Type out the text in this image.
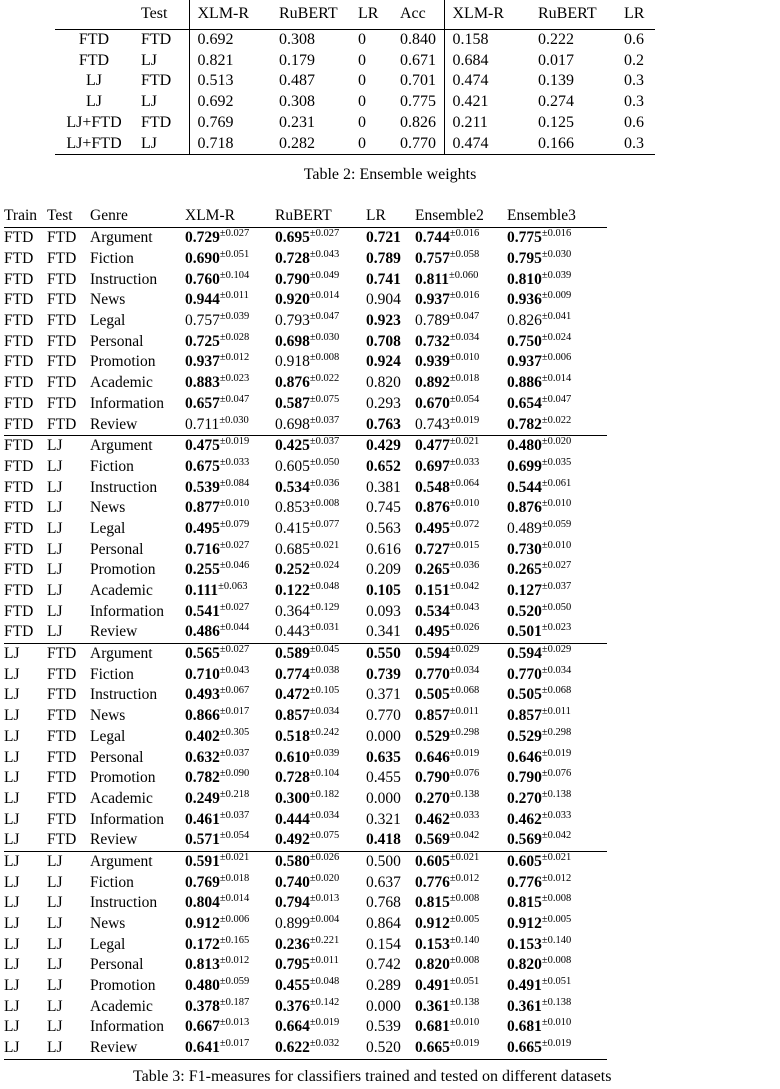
	Test	XLM-R	RuBERT	LR	Acc	XLM-R	RuBERT	LR
FTD	FTD	0.692	0.308	0	0.840	0.158	0.222	0.6
FTD	LJ	0.821	0.179	0	0.671	0.684	0.017	0.2
LJ	FTD	0.513	0.487	0	0.701	0.474	0.139	0.3
LJ	LJ	0.692	0.308	0	0.775	0.421	0.274	0.3
LJ+FTD	FTD	0.769	0.231	0	0.826	0.211	0.125	0.6
LJ+FTD	LJ	0.718	0.282	0	0.770	0.474	0.166	0.3
Table 2: Ensemble weights
Train	Test	Genre	XLM-R	RuBERT	LR	Ensemble2	Ensemble3
FTD	FTD	Argument	$0.729^{\pm 0.027}$	$0.695^{\pm 0.027}$	0.721	$0.744^{\pm 0.016}$	$0.775^{\pm 0.016}$
FTD	FTD	Fiction	$0.690^{\pm 0.051}$	$0.728^{\pm 0.043}$	0.789	$0.757^{\pm 0.058}$	$0.795^{\pm 0.030}$
FTD	FTD	Instruction	$0.760^{\pm 0.104}$	$0.790^{\pm 0.049}$	0.741	$0.811^{\pm 0.060}$	$0.810^{\pm 0.039}$
FTD	FTD	News	$0.944^{\pm 0.011}$	$0.920^{\pm 0.014}$	0.904	$0.937^{\pm 0.016}$	$0.936^{\pm 0.009}$
FTD	FTD	Legal	$0.757^{\pm 0.039}$	$0.793^{\pm 0.047}$	0.923	$0.789^{\pm 0.047}$	$0.826^{\pm 0.041}$
FTD	FTD	Personal	$0.725^{\pm 0.028}$	$0.698^{\pm 0.030}$	0.708	$0.732^{\pm 0.034}$	$0.750^{\pm 0.024}$
FTD	FTD	Promotion	$0.937^{\pm 0.012}$	$0.918^{\pm 0.008}$	0.924	$0.939^{\pm 0.010}$	$0.937^{\pm 0.006}$
FTD	FTD	Academic	$0.883^{\pm 0.023}$	$0.876^{\pm 0.022}$	0.820	$0.892^{\pm 0.018}$	$0.886^{\pm 0.014}$
FTD	FTD	Information	$0.657^{\pm 0.047}$	$0.587^{\pm 0.075}$	0.293	$0.670^{\pm 0.054}$	$0.654^{\pm 0.047}$
FTD	FTD	Review	$0.711^{\pm 0.030}$	$0.698^{\pm 0.037}$	0.763	$0.743^{\pm 0.019}$	$0.782^{\pm 0.022}$
FTD	LJ	Argument	$0.475^{\pm 0.019}$	$0.425^{\pm 0.037}$	0.429	$0.477^{\pm 0.021}$	$0.480^{\pm 0.020}$
FTD	LJ	Fiction	$0.675^{\pm 0.033}$	$0.605^{\pm 0.050}$	0.652	$0.697^{\pm 0.033}$	$0.699^{\pm 0.035}$
FTD	LJ	Instruction	$0.539^{\pm 0.084}$	$0.534^{\pm 0.036}$	0.381	$0.548^{\pm 0.064}$	$0.544^{\pm 0.061}$
FTD	LJ	News	$0.877^{\pm 0.010}$	$0.853^{\pm 0.008}$	0.745	$0.876^{\pm 0.010}$	$0.876^{\pm 0.010}$
FTD	LJ	Legal	$0.495^{\pm 0.079}$	$0.415^{\pm 0.077}$	0.563	$0.495^{\pm 0.072}$	$0.489^{\pm 0.059}$
FTD	LJ	Personal	$0.716^{\pm 0.027}$	$0.685^{\pm 0.021}$	0.616	$0.727^{\pm 0.015}$	$0.730^{\pm 0.010}$
FTD	LJ	Promotion	$0.255^{\pm 0.046}$	$0.252^{\pm 0.024}$	0.209	$0.265^{\pm 0.036}$	$0.265^{\pm 0.027}$
FTD	LJ	Academic	$0.111^{\pm 0.063}$	$0.122^{\pm 0.048}$	0.105	$0.151^{\pm 0.042}$	$0.127^{\pm 0.037}$
FTD	LJ	Information	$0.541^{\pm 0.027}$	$0.364^{\pm 0.129}$	0.093	$0.534^{\pm 0.043}$	$0.520^{\pm 0.050}$
FTD	LJ	Review	$0.486^{\pm 0.044}$	$0.443^{\pm 0.031}$	0.341	$0.495^{\pm 0.026}$	$0.501^{\pm 0.023}$
LJ	FTD	Argument	$0.565^{\pm 0.027}$	$0.589^{\pm 0.045}$	0.550	$0.594^{\pm 0.029}$	$0.594^{\pm 0.029}$
LJ	FTD	Fiction	$0.710^{\pm 0.043}$	$0.774^{\pm 0.038}$	0.739	$0.770^{\pm 0.034}$	$0.770^{\pm 0.034}$
LJ	FTD	Instruction	$0.493^{\pm 0.067}$	$0.472^{\pm 0.105}$	0.371	$0.505^{\pm 0.068}$	$0.505^{\pm 0.068}$
LJ	FTD	News	$0.866^{\pm 0.017}$	$0.857^{\pm 0.034}$	0.770	$0.857^{\pm 0.011}$	$0.857^{\pm 0.011}$
LJ	FTD	Legal	$0.402^{\pm 0.305}$	$0.518^{\pm 0.242}$	0.000	$0.529^{\pm 0.298}$	$0.529^{\pm 0.298}$
LJ	FTD	Personal	$0.632^{\pm 0.037}$	$0.610^{\pm 0.039}$	0.635	$0.646^{\pm 0.019}$	$0.646^{\pm 0.019}$
LJ	FTD	Promotion	$0.782^{\pm 0.090}$	$0.728^{\pm 0.104}$	0.455	$0.790^{\pm 0.076}$	$0.790^{\pm 0.076}$
LJ	FTD	Academic	$0.249^{\pm 0.218}$	$0.300^{\pm 0.182}$	0.000	$0.270^{\pm 0.138}$	$0.270^{\pm 0.138}$
LJ	FTD	Information	$0.461^{\pm 0.037}$	$0.444^{\pm 0.034}$	0.321	$0.462^{\pm 0.033}$	$0.462^{\pm 0.033}$
LJ	FTD	Review	$0.571^{\pm 0.054}$	$0.492^{\pm 0.075}$	0.418	$0.569^{\pm 0.042}$	$0.569^{\pm 0.042}$
LJ	LJ	Argument	$0.591^{\pm 0.021}$	$0.580^{\pm 0.026}$	0.500	$0.605^{\pm 0.021}$	$0.605^{\pm 0.021}$
LJ	LJ	Fiction	$0.769^{\pm 0.018}$	$0.740^{\pm 0.020}$	0.637	$0.776^{\pm 0.012}$	$0.776^{\pm 0.012}$
LJ	LJ	Instruction	$0.804^{\pm 0.014}$	$0.794^{\pm 0.013}$	0.768	$0.815^{\pm 0.008}$	$0.815^{\pm 0.008}$
LJ	LJ	News	$0.912^{\pm 0.006}$	$0.899^{\pm 0.004}$	0.864	$0.912^{\pm 0.005}$	$0.912^{\pm 0.005}$
LJ	LJ	Legal	$0.172^{\pm 0.165}$	$0.236^{\pm 0.221}$	0.154	$0.153^{\pm 0.140}$	$0.153^{\pm 0.140}$
LJ	LJ	Personal	$0.813^{\pm 0.012}$	$0.795^{\pm 0.011}$	0.742	$0.820^{\pm 0.008}$	$0.820^{\pm 0.008}$
LJ	LJ	Promotion	$0.480^{\pm 0.059}$	$0.455^{\pm 0.048}$	0.289	$0.491^{\pm 0.051}$	$0.491^{\pm 0.051}$
LJ	LJ	Academic	$0.378^{\pm 0.187}$	$0.376^{\pm 0.142}$	0.000	$0.361^{\pm 0.138}$	$0.361^{\pm 0.138}$
LJ	LJ	Information	$0.667^{\pm 0.013}$	$0.664^{\pm 0.019}$	0.539	$0.681^{\pm 0.010}$	$0.681^{\pm 0.010}$
LJ	LJ	Review	$0.641^{\pm 0.017}$	$0.622^{\pm 0.032}$	0.520	$0.665^{\pm 0.019}$	$0.665^{\pm 0.019}$
Table 3: F1-measures for classifiers trained and tested on different datasets
